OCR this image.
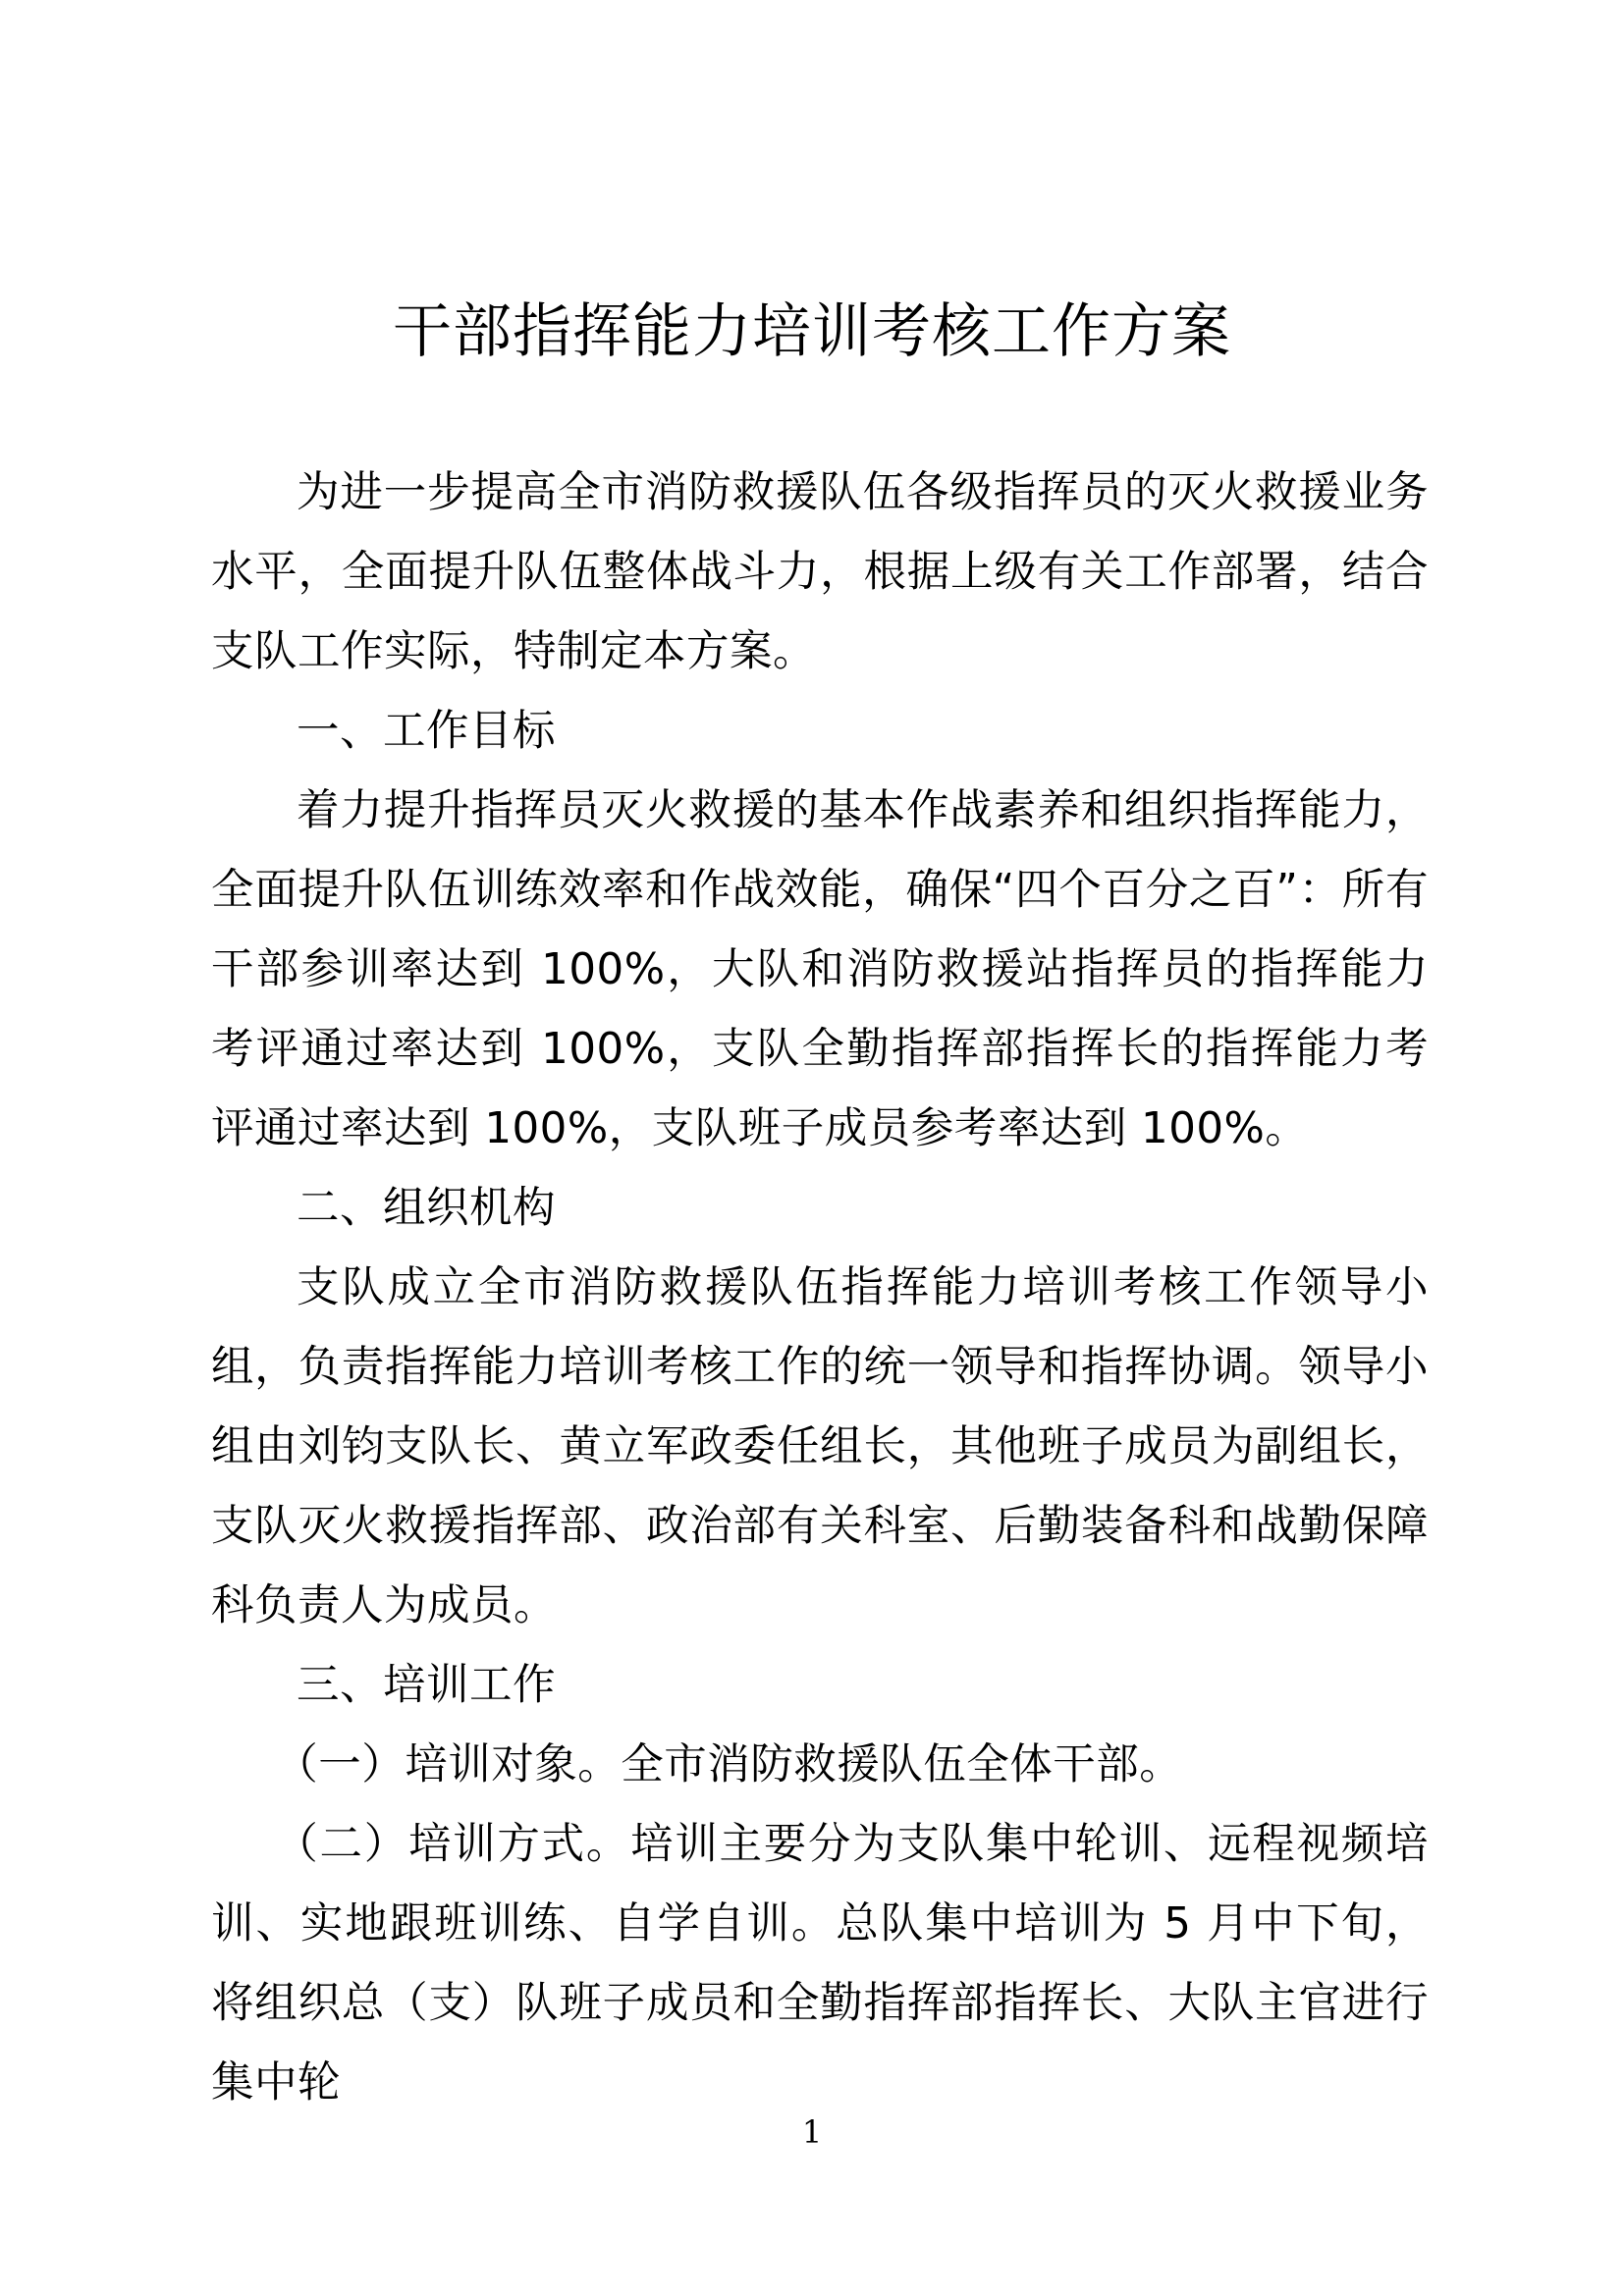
干部指挥能力培训考核工作方案

为进一步提高全市消防救援队伍各级指挥员的灭火救援业务水平，全面提升队伍整体战斗力，根据上级有关工作部署，结合支队工作实际，特制定本方案。

一、工作目标

着力提升指挥员灭火救援的基本作战素养和组织指挥能力，全面提升队伍训练效率和作战效能，确保“四个百分之百”：所有干部参训率达到 100%，大队和消防救援站指挥员的指挥能力考评通过率达到 100%，支队全勤指挥部指挥长的指挥能力考评通过率达到 100%，支队班子成员参考率达到 100%。

二、组织机构

支队成立全市消防救援队伍指挥能力培训考核工作领导小组，负责指挥能力培训考核工作的统一领导和指挥协调。领导小组由刘钧支队长、黄立军政委任组长，其他班子成员为副组长，支队灭火救援指挥部、政治部有关科室、后勤装备科和战勤保障科负责人为成员。

三、培训工作

（一）培训对象。全市消防救援队伍全体干部。

（二）培训方式。培训主要分为支队集中轮训、远程视频培训、实地跟班训练、自学自训。总队集中培训为 5 月中下旬，将组织总（支）队班子成员和全勤指挥部指挥长、大队主官进行集中轮

1
